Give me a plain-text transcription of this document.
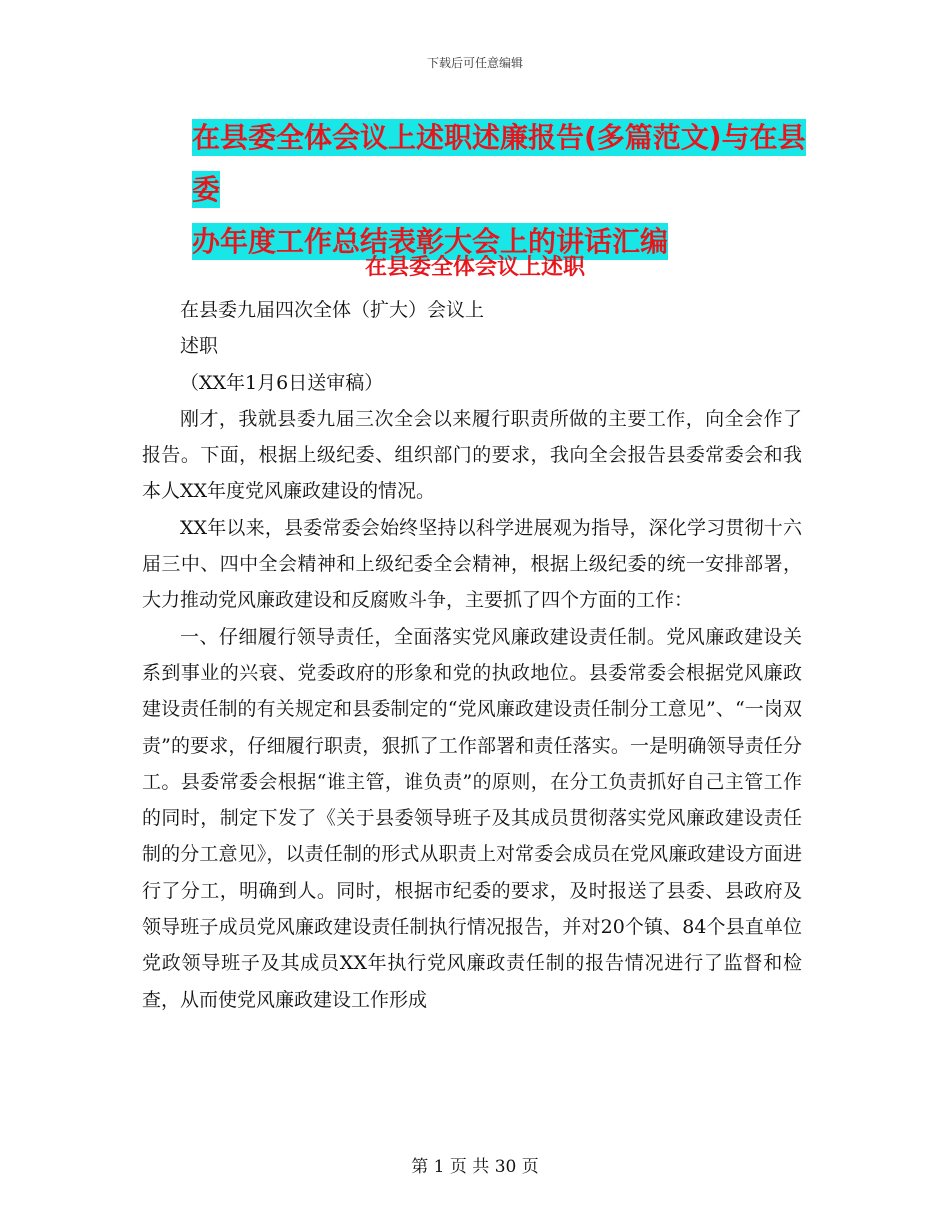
下载后可任意编辑
在县委全体会议上述职述廉报告(多篇范文)与在县委
办年度工作总结表彰大会上的讲话汇编
在县委全体会议上述职

在县委九届四次全体（扩大）会议上

述职

（XX年1月6日送审稿）

刚才，我就县委九届三次全会以来履行职责所做的主要工作，向全会作了报告。下面，根据上级纪委、组织部门的要求，我向全会报告县委常委会和我本人XX年度党风廉政建设的情况。

XX年以来，县委常委会始终坚持以科学进展观为指导，深化学习贯彻十六届三中、四中全会精神和上级纪委全会精神，根据上级纪委的统一安排部署，大力推动党风廉政建设和反腐败斗争，主要抓了四个方面的工作：

一、仔细履行领导责任，全面落实党风廉政建设责任制。党风廉政建设关系到事业的兴衰、党委政府的形象和党的执政地位。县委常委会根据党风廉政建设责任制的有关规定和县委制定的“党风廉政建设责任制分工意见”、“一岗双责”的要求，仔细履行职责，狠抓了工作部署和责任落实。一是明确领导责任分工。县委常委会根据“谁主管，谁负责”的原则，在分工负责抓好自己主管工作的同时，制定下发了《关于县委领导班子及其成员贯彻落实党风廉政建设责任制的分工意见》，以责任制的形式从职责上对常委会成员在党风廉政建设方面进行了分工，明确到人。同时，根据市纪委的要求，及时报送了县委、县政府及领导班子成员党风廉政建设责任制执行情况报告，并对20个镇、84个县直单位党政领导班子及其成员XX年执行党风廉政责任制的报告情况进行了监督和检查，从而使党风廉政建设工作形成

第 1 页 共 30 页
